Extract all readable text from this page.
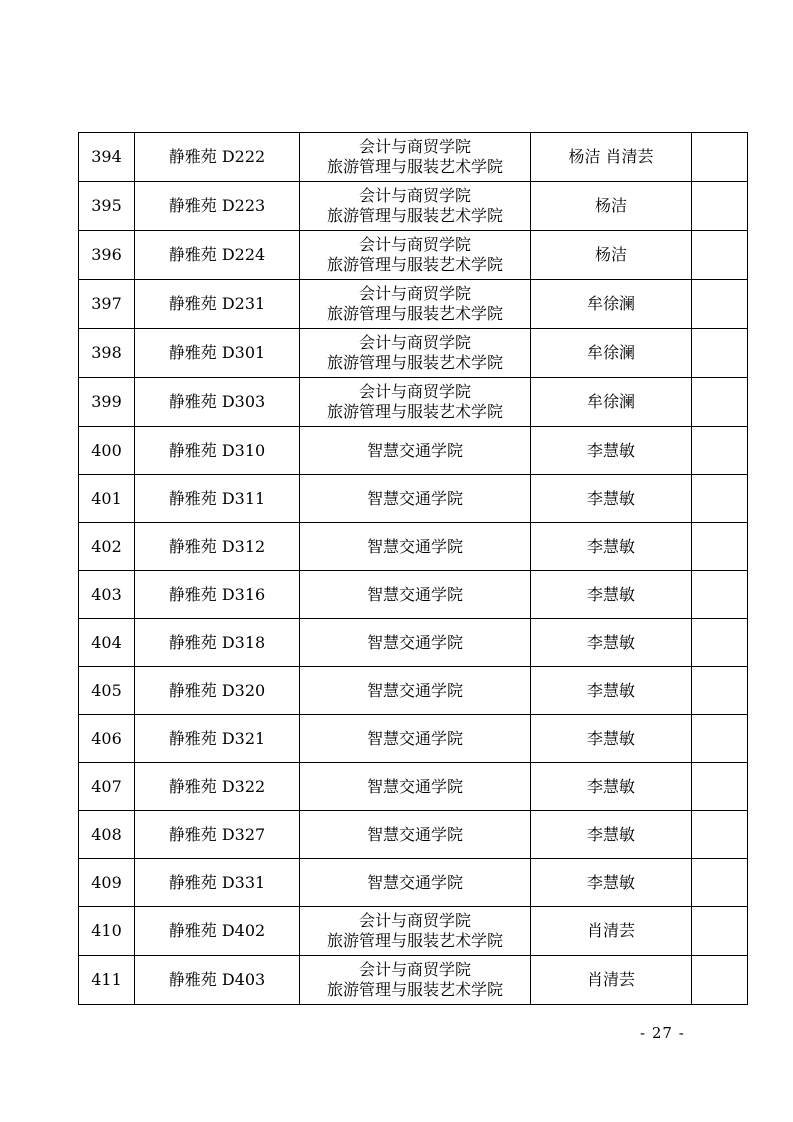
394	静雅苑 D222	会计与商贸学院
旅游管理与服装艺术学院	杨洁 肖清芸	
395	静雅苑 D223	会计与商贸学院
旅游管理与服装艺术学院	杨洁	
396	静雅苑 D224	会计与商贸学院
旅游管理与服装艺术学院	杨洁	
397	静雅苑 D231	会计与商贸学院
旅游管理与服装艺术学院	牟徐澜	
398	静雅苑 D301	会计与商贸学院
旅游管理与服装艺术学院	牟徐澜	
399	静雅苑 D303	会计与商贸学院
旅游管理与服装艺术学院	牟徐澜	
400	静雅苑 D310	智慧交通学院	李慧敏	
401	静雅苑 D311	智慧交通学院	李慧敏	
402	静雅苑 D312	智慧交通学院	李慧敏	
403	静雅苑 D316	智慧交通学院	李慧敏	
404	静雅苑 D318	智慧交通学院	李慧敏	
405	静雅苑 D320	智慧交通学院	李慧敏	
406	静雅苑 D321	智慧交通学院	李慧敏	
407	静雅苑 D322	智慧交通学院	李慧敏	
408	静雅苑 D327	智慧交通学院	李慧敏	
409	静雅苑 D331	智慧交通学院	李慧敏	
410	静雅苑 D402	会计与商贸学院
旅游管理与服装艺术学院	肖清芸	
411	静雅苑 D403	会计与商贸学院
旅游管理与服装艺术学院	肖清芸	
- 27 -
